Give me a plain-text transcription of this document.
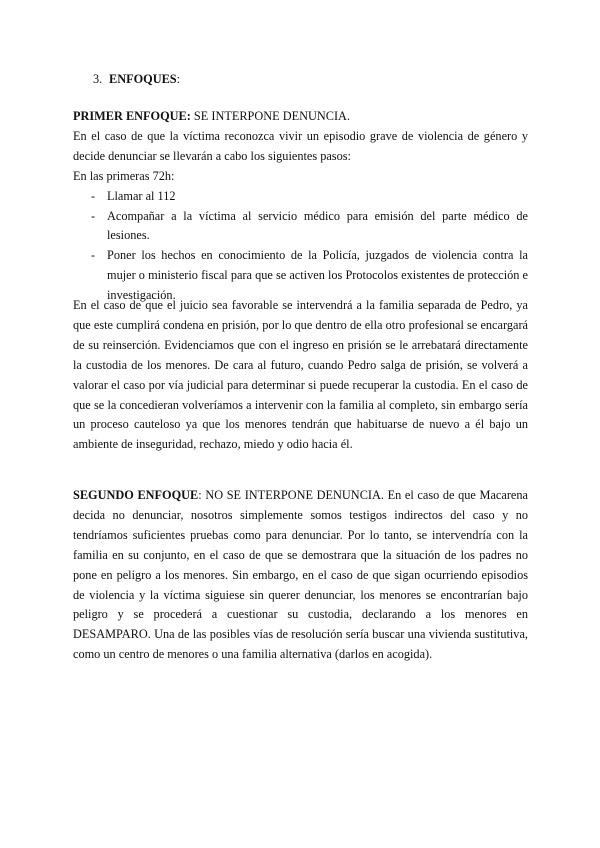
3. ENFOQUES:

PRIMER ENFOQUE: SE INTERPONE DENUNCIA.

En el caso de que la víctima reconozca vivir un episodio grave de violencia de género y decide denunciar se llevarán a cabo los siguientes pasos:

En las primeras 72h:

- Llamar al 112
- Acompañar a la víctima al servicio médico para emisión del parte médico de lesiones.
- Poner los hechos en conocimiento de la Policía, juzgados de violencia contra la mujer o ministerio fiscal para que se activen los Protocolos existentes de protección e investigación.

En el caso de que el juicio sea favorable se intervendrá a la familia separada de Pedro, ya que este cumplirá condena en prisión, por lo que dentro de ella otro profesional se encargará de su reinserción. Evidenciamos que con el ingreso en prisión se le arrebatará directamente la custodia de los menores. De cara al futuro, cuando Pedro salga de prisión, se volverá a valorar el caso por vía judicial para determinar si puede recuperar la custodia. En el caso de que se la concedieran volveríamos a intervenir con la familia al completo, sin embargo sería un proceso cauteloso ya que los menores tendrán que habituarse de nuevo a él bajo un ambiente de inseguridad, rechazo, miedo y odio hacia él.

SEGUNDO ENFOQUE: NO SE INTERPONE DENUNCIA. En el caso de que Macarena decida no denunciar, nosotros simplemente somos testigos indirectos del caso y no tendríamos suficientes pruebas como para denunciar. Por lo tanto, se intervendría con la familia en su conjunto, en el caso de que se demostrara que la situación de los padres no pone en peligro a los menores. Sin embargo, en el caso de que sigan ocurriendo episodios de violencia y la víctima siguiese sin querer denunciar, los menores se encontrarían bajo peligro y se procederá a cuestionar su custodia, declarando a los menores en DESAMPARO. Una de las posibles vías de resolución sería buscar una vivienda sustitutiva, como un centro de menores o una familia alternativa (darlos en acogida).
